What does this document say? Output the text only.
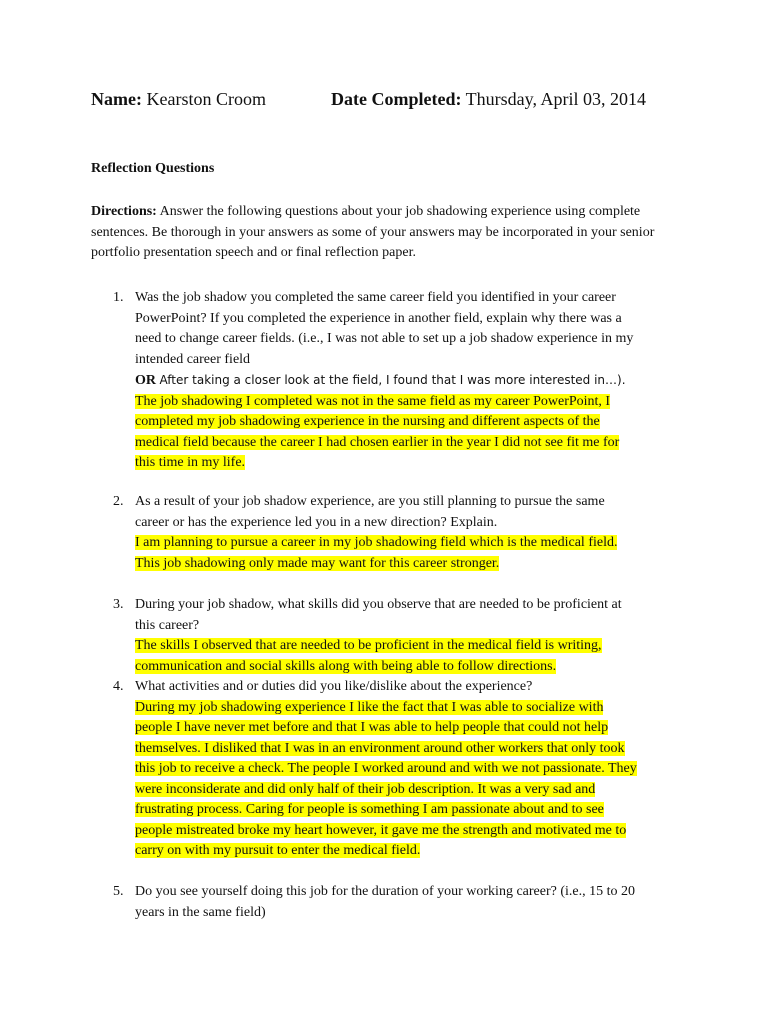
Name: Kearston Croom	Date Completed: Thursday, April 03, 2014
Reflection Questions
Directions: Answer the following questions about your job shadowing experience using complete sentences. Be thorough in your answers as some of your answers may be incorporated in your senior portfolio presentation speech and or final reflection paper.
1. Was the job shadow you completed the same career field you identified in your career
PowerPoint? If you completed the experience in another field, explain why there was a
need to change career fields. (i.e., I was not able to set up a job shadow experience in my
intended career field
OR After taking a closer look at the field, I found that I was more interested in…).
The job shadowing I completed was not in the same field as my career PowerPoint, I
completed my job shadowing experience in the nursing and different aspects of the
medical field because the career I had chosen earlier in the year I did not see fit me for
this time in my life.
2. As a result of your job shadow experience, are you still planning to pursue the same
career or has the experience led you in a new direction? Explain.
I am planning to pursue a career in my job shadowing field which is the medical field.
This job shadowing only made may want for this career stronger.
3. During your job shadow, what skills did you observe that are needed to be proficient at
this career?
The skills I observed that are needed to be proficient in the medical field is writing,
communication and social skills along with being able to follow directions.
4. What activities and or duties did you like/dislike about the experience?
During my job shadowing experience I like the fact that I was able to socialize with
people I have never met before and that I was able to help people that could not help
themselves. I disliked that I was in an environment around other workers that only took
this job to receive a check. The people I worked around and with we not passionate. They
were inconsiderate and did only half of their job description. It was a very sad and
frustrating process. Caring for people is something I am passionate about and to see
people mistreated broke my heart however, it gave me the strength and motivated me to
carry on with my pursuit to enter the medical field.
5. Do you see yourself doing this job for the duration of your working career? (i.e., 15 to 20
years in the same field)
